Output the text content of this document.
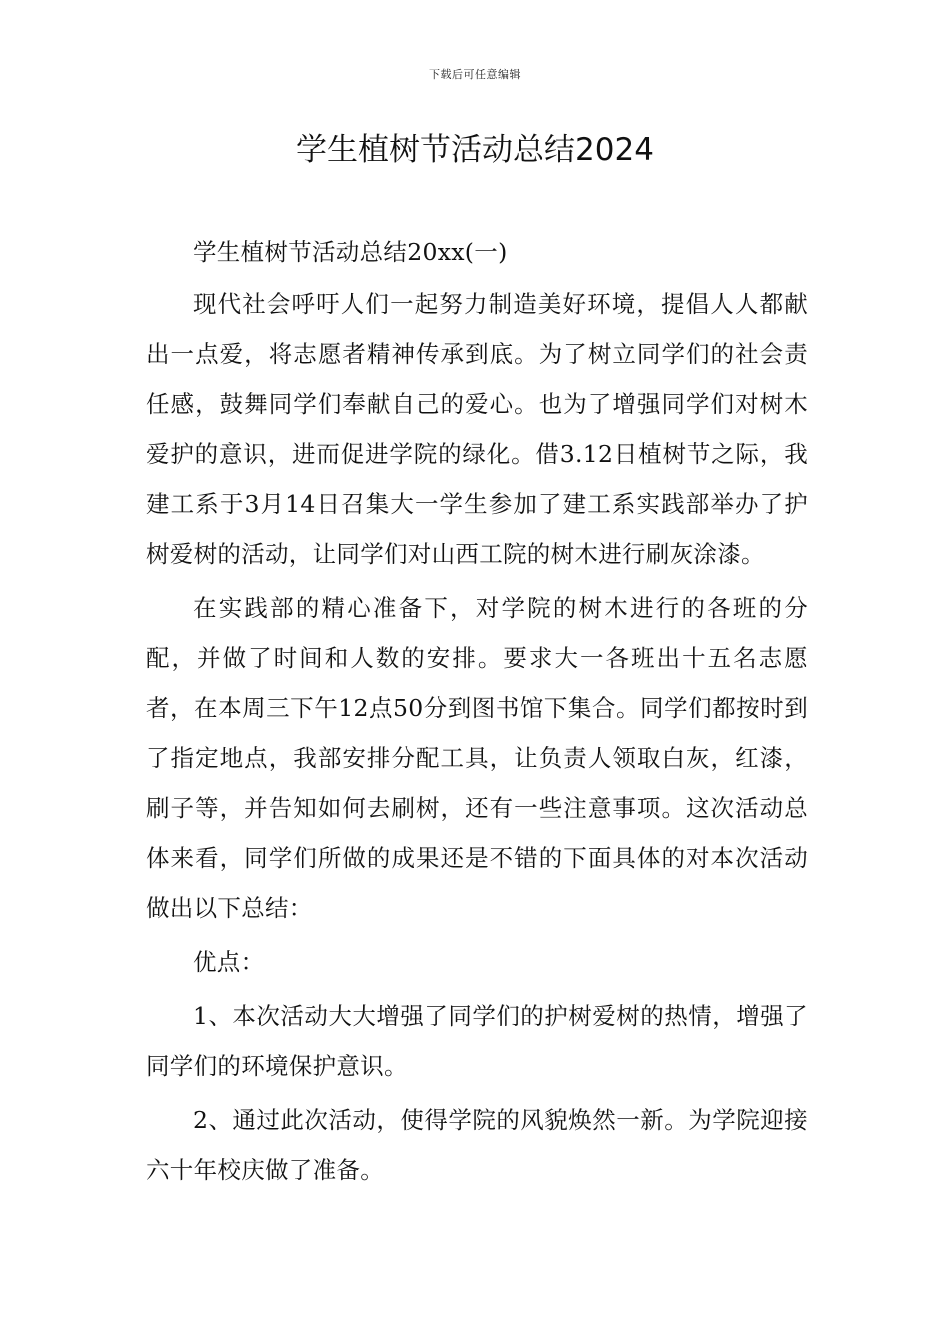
下载后可任意编辑
学生植树节活动总结2024

学生植树节活动总结20xx(一)

现代社会呼吁人们一起努力制造美好环境，提倡人人都献出一点爱，将志愿者精神传承到底。为了树立同学们的社会责任感，鼓舞同学们奉献自己的爱心。也为了增强同学们对树木爱护的意识，进而促进学院的绿化。借3.12日植树节之际，我建工系于3月14日召集大一学生参加了建工系实践部举办了护树爱树的活动，让同学们对山西工院的树木进行刷灰涂漆。

在实践部的精心准备下，对学院的树木进行的各班的分配，并做了时间和人数的安排。要求大一各班出十五名志愿者，在本周三下午12点50分到图书馆下集合。同学们都按时到了指定地点，我部安排分配工具，让负责人领取白灰，红漆，刷子等，并告知如何去刷树，还有一些注意事项。这次活动总体来看，同学们所做的成果还是不错的下面具体的对本次活动做出以下总结：

优点：

1、本次活动大大增强了同学们的护树爱树的热情，增强了同学们的环境保护意识。

2、通过此次活动，使得学院的风貌焕然一新。为学院迎接六十年校庆做了准备。
